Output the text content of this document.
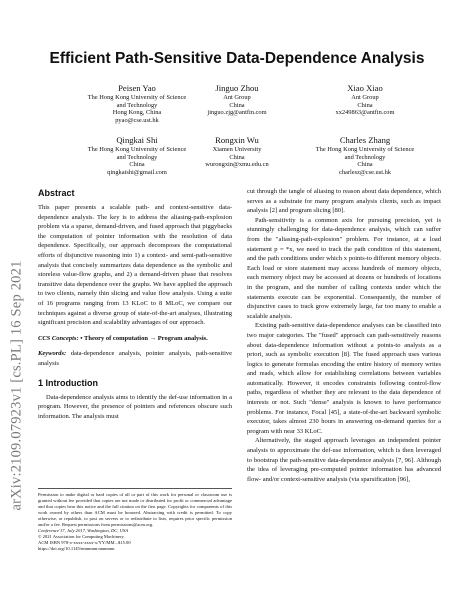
arXiv:2109.07923v1 [cs.PL] 16 Sep 2021
Efficient Path-Sensitive Data-Dependence Analysis
Peisen Yao
The Hong Kong University of Science
and Technology
Hong Kong, China
pyao@cse.ust.hk
Jinguo Zhou
Ant Group
China
jinguo.zjg@antfin.com
Xiao Xiao
Ant Group
China
xx249863@antfin.com
Qingkai Shi
The Hong Kong University of Science
and Technology
China
qingkaishi@gmail.com
Rongxin Wu
Xiamen University
China
wurongxin@xmu.edu.cn
Charles Zhang
The Hong Kong University of Science
and Technology
China
charlesz@cse.ust.hk
Abstract

This paper presents a scalable path- and context-sensitive data-dependence analysis. The key is to address the aliasing-path-explosion problem via a sparse, demand-driven, and fused approach that piggybacks the computation of pointer information with the resolution of data dependence. Specifically, our approach decomposes the computational efforts of disjunctive reasoning into 1) a context- and semi-path-sensitive analysis that concisely summarizes data dependence as the symbolic and storeless value-flow graphs, and 2) a demand-driven phase that resolves transitive data dependence over the graphs. We have applied the approach to two clients, namely thin slicing and value flow analysis. Using a suite of 16 programs ranging from 13 KLoC to 8 MLoC, we compare our techniques against a diverse group of state-of-the-art analyses, illustrating significant precision and scalability advantages of our approach.

CCS Concepts: • Theory of computation → Program analysis.

Keywords: data-dependence analysis, pointer analysis, path-sensitive analysis

1 Introduction

Data-dependence analysis aims to identify the def-use information in a program. However, the presence of pointers and references obscure such information. The analysis must

Permission to make digital or hard copies of all or part of this work for personal or classroom use is granted without fee provided that copies are not made or distributed for profit or commercial advantage and that copies bear this notice and the full citation on the first page. Copyrights for components of this work owned by others than ACM must be honored. Abstracting with credit is permitted. To copy otherwise, or republish, to post on servers or to redistribute to lists, requires prior specific permission and/or a fee. Request permissions from permissions@acm.org.
Conference'17, July 2017, Washington, DC, USA
© 2021 Association for Computing Machinery.
ACM ISBN 978-x-xxxx-xxxx-x/YY/MM...$15.00
https://doi.org/10.1145/nnnnnnn.nnnnnnn

cut through the tangle of aliasing to reason about data dependence, which serves as a substrate for many program analysis clients, such as impact analysis [2] and program slicing [80].

Path-sensitivity is a common axis for pursuing precision, yet is stunningly challenging for data-dependence analysis, which can suffer from the "aliasing-path-explosion" problem. For instance, at a load statement p = *x, we need to track the path condition of this statement, and the path conditions under which x points-to different memory objects. Each load or store statement may access hundreds of memory objects, each memory object may be accessed at dozens or hundreds of locations in the program, and the number of calling contexts under which the statements execute can be exponential. Consequently, the number of disjunctive cases to track grow extremely large, far too many to enable a scalable analysis.

Existing path-sensitive data-dependence analyses can be classified into two major categories. The "fused" approach can path-sensitively reasons about data-dependence information without a points-to analysis as a priori, such as symbolic execution [8]. The fused approach uses various logics to generate formulas encoding the entire history of memory writes and reads, which allow for establishing correlations between variables automatically. However, it encodes constraints following control-flow paths, regardless of whether they are relevant to the data dependence of interests or not. Such "dense" analysis is known to have performance problems. For instance, Focal [45], a state-of-the-art backward symbolic executor, takes almost 230 hours in answering on-demand queries for a program with near 33 KLoC.

Alternatively, the staged approach leverages an independent pointer analysis to approximate the def-use information, which is then leveraged to bootstrap the path-sensitive data-dependence analysis [7, 96]. Although the idea of leveraging pre-computed pointer information has advanced flow- and/or context-sensitive analysis (via sparsification [96],
